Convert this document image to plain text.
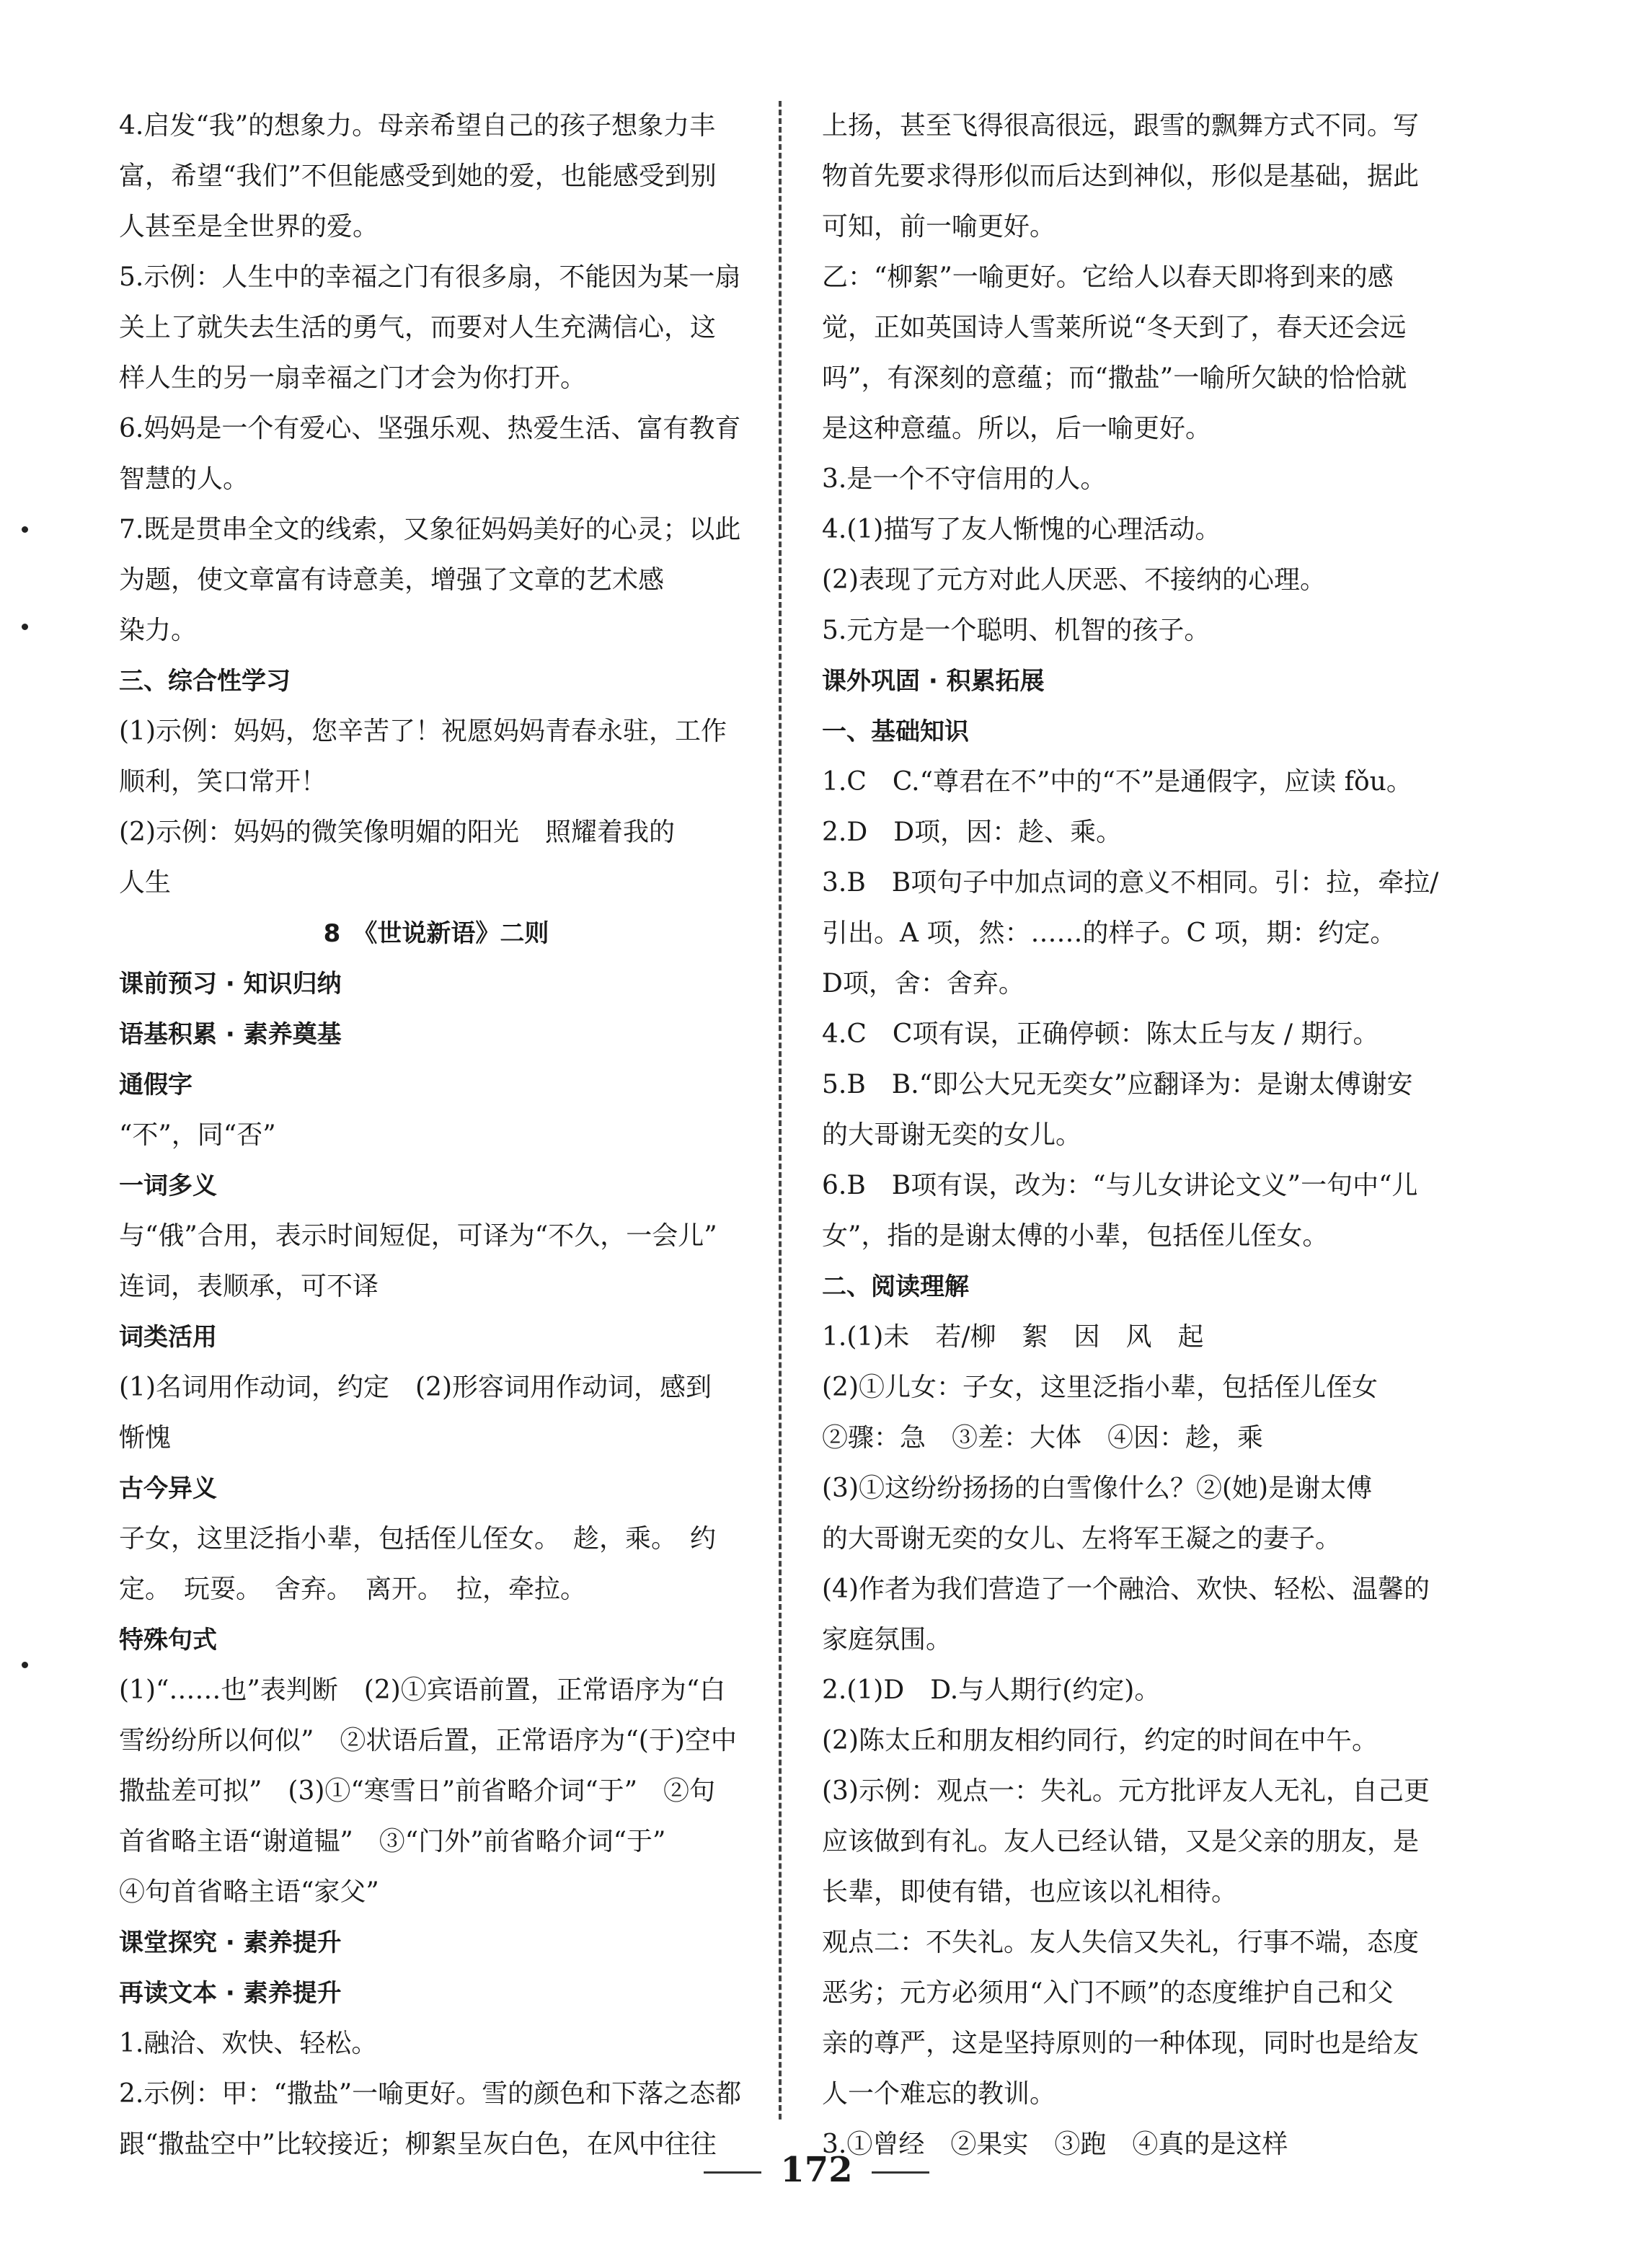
4.启发“我”的想象力。母亲希望自己的孩子想象力丰
富，希望“我们”不但能感受到她的爱，也能感受到别
人甚至是全世界的爱。
5.示例：人生中的幸福之门有很多扇，不能因为某一扇
关上了就失去生活的勇气，而要对人生充满信心，这
样人生的另一扇幸福之门才会为你打开。
6.妈妈是一个有爱心、坚强乐观、热爱生活、富有教育
智慧的人。
7.既是贯串全文的线索，又象征妈妈美好的心灵；以此
为题，使文章富有诗意美，增强了文章的艺术感
染力。
三、综合性学习
(1)示例：妈妈，您辛苦了！祝愿妈妈青春永驻，工作
顺利，笑口常开！
(2)示例：妈妈的微笑像明媚的阳光　照耀着我的
人生
8　《世说新语》二则
课前预习 · 知识归纳
语基积累 · 素养奠基
通假字
“不”，同“否”
一词多义
与“俄”合用，表示时间短促，可译为“不久，一会儿”
连词，表顺承，可不译
词类活用
(1)名词用作动词，约定　(2)形容词用作动词，感到
惭愧
古今异义
子女，这里泛指小辈，包括侄儿侄女。　趁，乘。　约
定。　玩耍。　舍弃。　离开。　拉，牵拉。
特殊句式
(1)“……也”表判断　(2)①宾语前置，正常语序为“白
雪纷纷所以何似”　②状语后置，正常语序为“(于)空中
撒盐差可拟”　(3)①“寒雪日”前省略介词“于”　②句
首省略主语“谢道韫”　③“门外”前省略介词“于”
④句首省略主语“家父”
课堂探究 · 素养提升
再读文本 · 素养提升
1.融洽、欢快、轻松。
2.示例：甲：“撒盐”一喻更好。雪的颜色和下落之态都
跟“撒盐空中”比较接近；柳絮呈灰白色，在风中往往
上扬，甚至飞得很高很远，跟雪的飘舞方式不同。写
物首先要求得形似而后达到神似，形似是基础，据此
可知，前一喻更好。
乙：“柳絮”一喻更好。它给人以春天即将到来的感
觉，正如英国诗人雪莱所说“冬天到了，春天还会远
吗”，有深刻的意蕴；而“撒盐”一喻所欠缺的恰恰就
是这种意蕴。所以，后一喻更好。
3.是一个不守信用的人。
4.(1)描写了友人惭愧的心理活动。
(2)表现了元方对此人厌恶、不接纳的心理。
5.元方是一个聪明、机智的孩子。
课外巩固 · 积累拓展
一、基础知识
1.C　C.“尊君在不”中的“不”是通假字，应读 fǒu。
2.D　D项，因：趁、乘。
3.B　B项句子中加点词的意义不相同。引：拉，牵拉/
引出。A 项，然：……的样子。C 项，期：约定。
D项，舍：舍弃。
4.C　C项有误，正确停顿：陈太丘与友 / 期行。
5.B　B.“即公大兄无奕女”应翻译为：是谢太傅谢安
的大哥谢无奕的女儿。
6.B　B项有误，改为：“与儿女讲论文义”一句中“儿
女”，指的是谢太傅的小辈，包括侄儿侄女。
二、阅读理解
1.(1)未　若/柳　絮　因　风　起
(2)①儿女：子女，这里泛指小辈，包括侄儿侄女
②骤：急　③差：大体　④因：趁，乘
(3)①这纷纷扬扬的白雪像什么？②(她)是谢太傅
的大哥谢无奕的女儿、左将军王凝之的妻子。
(4)作者为我们营造了一个融洽、欢快、轻松、温馨的
家庭氛围。
2.(1)D　D.与人期行(约定)。
(2)陈太丘和朋友相约同行，约定的时间在中午。
(3)示例：观点一：失礼。元方批评友人无礼，自己更
应该做到有礼。友人已经认错，又是父亲的朋友，是
长辈，即使有错，也应该以礼相待。
观点二：不失礼。友人失信又失礼，行事不端，态度
恶劣；元方必须用“入门不顾”的态度维护自己和父
亲的尊严，这是坚持原则的一种体现，同时也是给友
人一个难忘的教训。
3.①曾经　②果实　③跑　④真的是这样
172
